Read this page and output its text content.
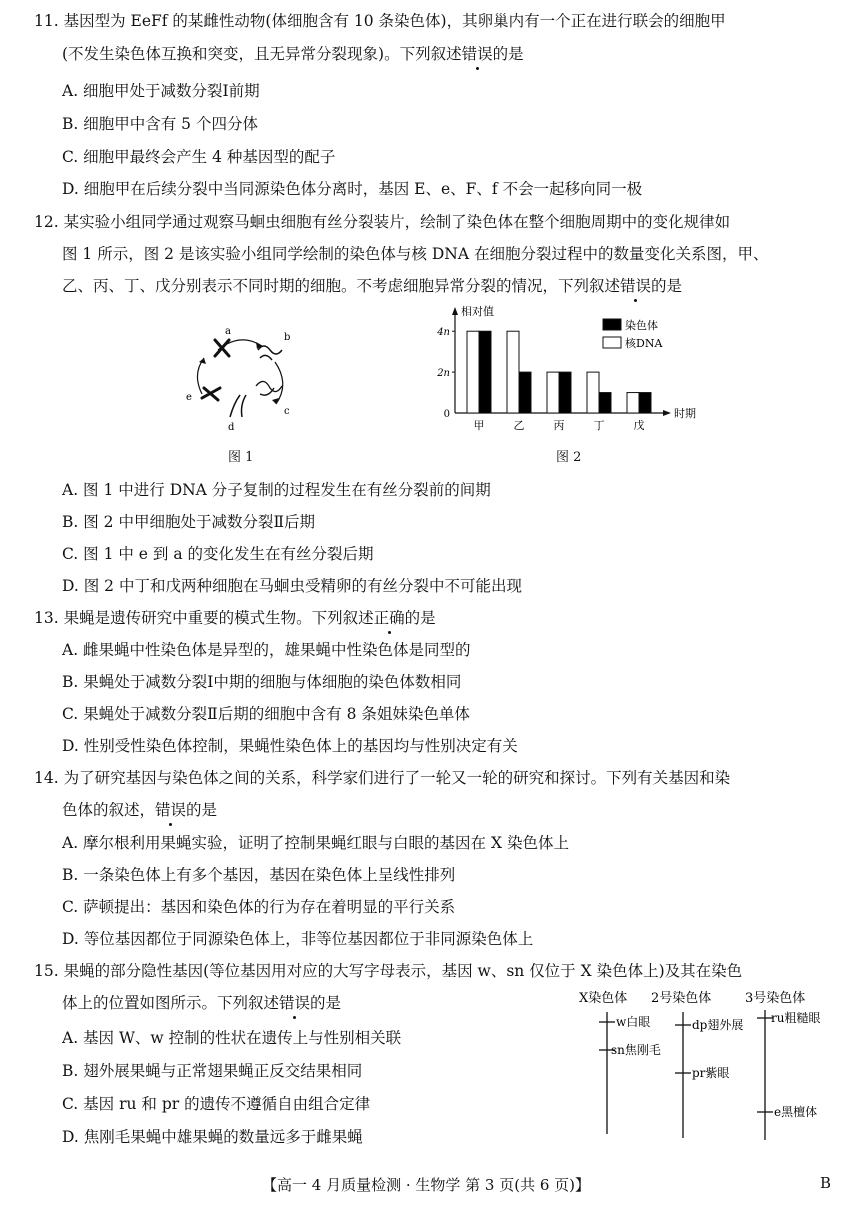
11. 基因型为 EeFf 的某雌性动物(体细胞含有 10 条染色体)，其卵巢内有一个正在进行联会的细胞甲
(不发生染色体互换和突变，且无异常分裂现象)。下列叙述错误的是
A. 细胞甲处于减数分裂Ⅰ前期
B. 细胞甲中含有 5 个四分体
C. 细胞甲最终会产生 4 种基因型的配子
D. 细胞甲在后续分裂中当同源染色体分离时，基因 E、e、F、f 不会一起移向同一极
12. 某实验小组同学通过观察马蛔虫细胞有丝分裂装片，绘制了染色体在整个细胞周期中的变化规律如
图 1 所示，图 2 是该实验小组同学绘制的染色体与核 DNA 在细胞分裂过程中的数量变化关系图，甲、
乙、丙、丁、戊分别表示不同时期的细胞。不考虑细胞异常分裂的情况，下列叙述错误的是
a
b
c
d
e
图 1
相对值
时期
0
2n
4n
甲	乙	丙	丁	戊
染色体
核DNA
图 2
A. 图 1 中进行 DNA 分子复制的过程发生在有丝分裂前的间期
B. 图 2 中甲细胞处于减数分裂Ⅱ后期
C. 图 1 中 e 到 a 的变化发生在有丝分裂后期
D. 图 2 中丁和戊两种细胞在马蛔虫受精卵的有丝分裂中不可能出现
13. 果蝇是遗传研究中重要的模式生物。下列叙述正确的是
A. 雌果蝇中性染色体是异型的，雄果蝇中性染色体是同型的
B. 果蝇处于减数分裂Ⅰ中期的细胞与体细胞的染色体数相同
C. 果蝇处于减数分裂Ⅱ后期的细胞中含有 8 条姐妹染色单体
D. 性别受性染色体控制，果蝇性染色体上的基因均与性别决定有关
14. 为了研究基因与染色体之间的关系，科学家们进行了一轮又一轮的研究和探讨。下列有关基因和染
色体的叙述，错误的是
A. 摩尔根利用果蝇实验，证明了控制果蝇红眼与白眼的基因在 X 染色体上
B. 一条染色体上有多个基因，基因在染色体上呈线性排列
C. 萨顿提出：基因和染色体的行为存在着明显的平行关系
D. 等位基因都位于同源染色体上，非等位基因都位于非同源染色体上
15. 果蝇的部分隐性基因(等位基因用对应的大写字母表示，基因 w、sn 仅位于 X 染色体上)及其在染色
体上的位置如图所示。下列叙述错误的是
A. 基因 W、w 控制的性状在遗传上与性别相关联
B. 翅外展果蝇与正常翅果蝇正反交结果相同
C. 基因 ru 和 pr 的遗传不遵循自由组合定律
D. 焦刚毛果蝇中雄果蝇的数量远多于雌果蝇
X染色体 2号染色体	3号染色体
w白眼
sn焦刚毛
dp翅外展
pr紫眼
ru粗糙眼
e黑檀体
【高一 4 月质量检测 · 生物学 第 3 页(共 6 页)】	B
